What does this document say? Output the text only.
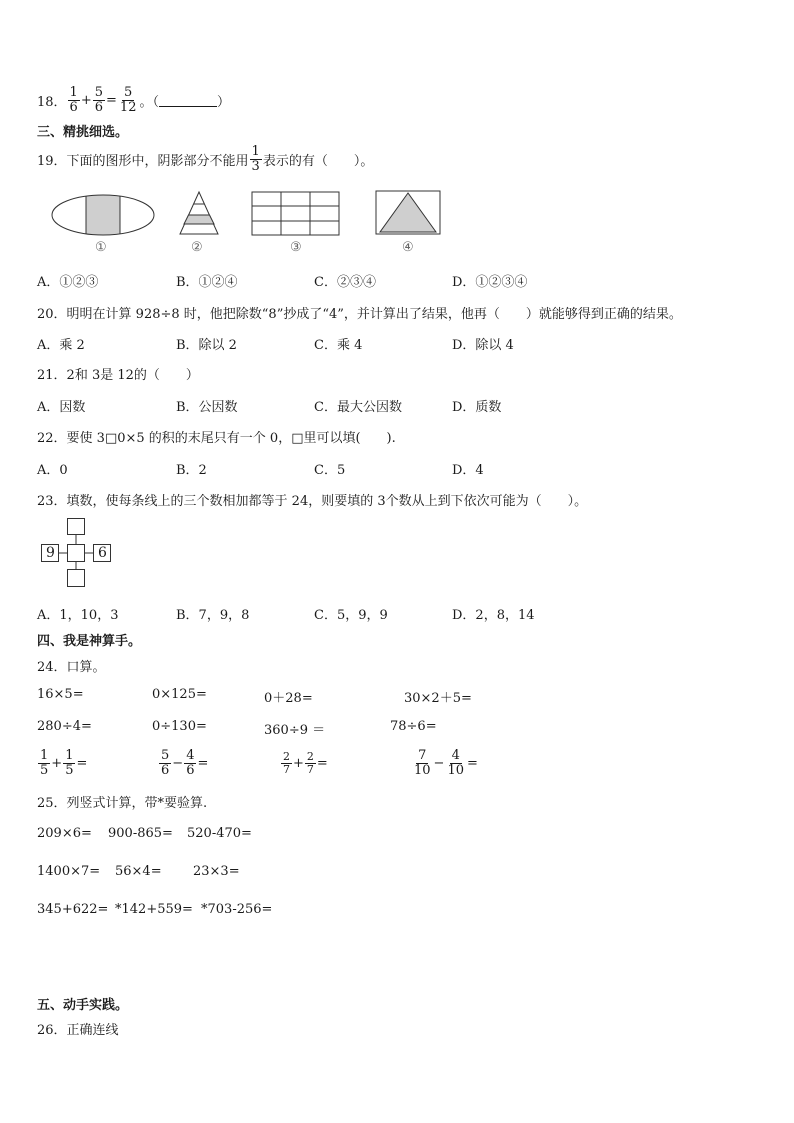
18． $\frac{1}{6} + \frac{5}{6} = \frac{5}{12}$ 。（	）
三、精挑细选。
19．下面的图形中，阴影部分不能用 $\frac{1}{3}$ 表示的有（　　）。
①	②	③	④
A．①②③	B．①②④	C．②③④	D．①②③④
20．明明在计算 928÷8 时，他把除数“8”抄成了“4”，并计算出了结果，他再（　　）就能够得到正确的结果。
A．乘 2	B．除以 2	C．乘 4	D．除以 4
21．2和 3是 12的（　　）
A．因数	B．公因数	C．最大公因数	D．质数
22．要使 3□0×5 的积的末尾只有一个 0，□里可以填(　　).
A．0	B．2	C．5	D．4
23．填数，使每条线上的三个数相加都等于 24，则要填的 3个数从上到下依次可能为（　　）。
9	6
A．1，10，3	B．7，9，8	C．5，9，9	D．2，8，14
四、我是神算手。
24．口算。
16×5=	0×125=	0＋28=	30×2＋5=
280÷4=	0÷130=	360÷9 ＝	78÷6=
$\frac{1}{5} + \frac{1}{5}$ =	$\frac{5}{6} - \frac{4}{6}$ =	$\frac{2}{7} + \frac{2}{7}$ =	$\frac{7}{10} - \frac{4}{10}$ =
25．列竖式计算，带*要验算.
209×6= 900-865= 520-470=
1400×7= 56×4= 23×3=
345+622= *142+559= *703-256=
五、动手实践。
26．正确连线
